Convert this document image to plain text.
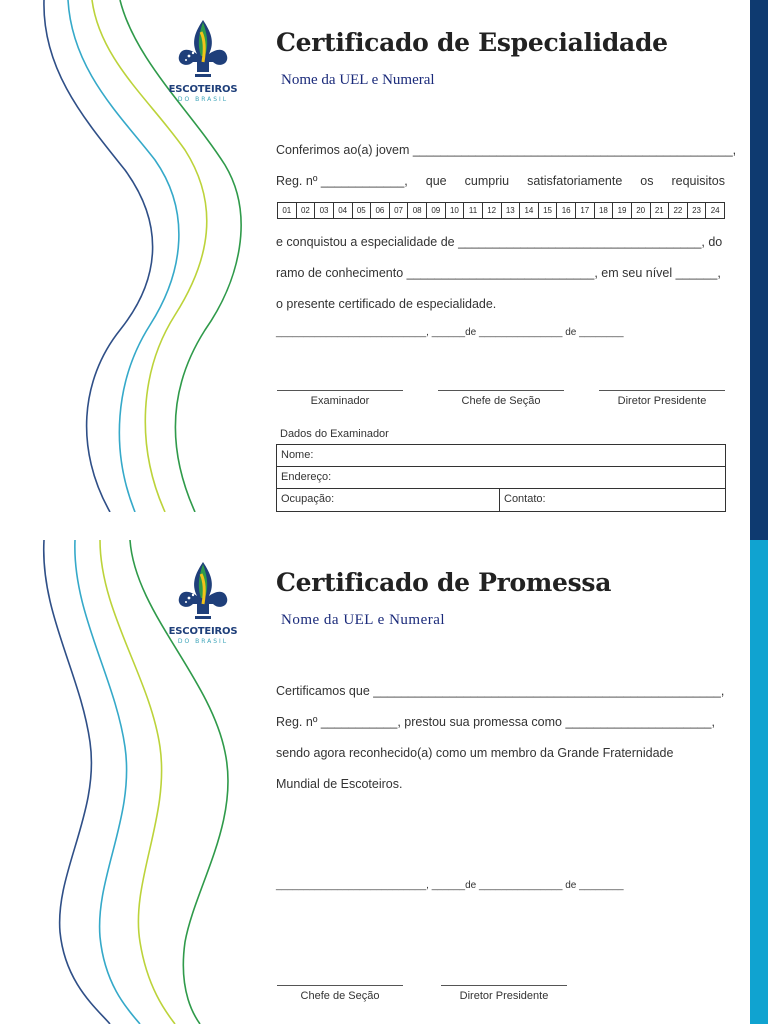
ESCOTEIROS
DO BRASIL
Certificado de Especialidade
Nome da UEL e Numeral
Conferimos ao(a) jovem ______________________________________________,
Reg. nº ____________, que cumpriu satisfatoriamente os requisitos
01	02	03	04	05	06	07	08	09	10	11	12	13	14	15	16	17	18	19	20	21	22	23	24
e conquistou a especialidade de ___________________________________, do
ramo de conhecimento ___________________________, em seu nível ______,
o presente certificado de especialidade.
___________________________, ______de _______________ de ________
Examinador	Chefe de Seção	Diretor Presidente
Dados do Examinador
Nome:
Endereço:
Ocupação:	Contato:
ESCOTEIROS
DO BRASIL
Certificado de Promessa
Nome da UEL e Numeral
Certificamos que __________________________________________________,
Reg. nº ___________, prestou sua promessa como _____________________,
sendo agora reconhecido(a) como um membro da Grande Fraternidade
Mundial de Escoteiros.
___________________________, ______de _______________ de ________
Chefe de Seção	Diretor Presidente
